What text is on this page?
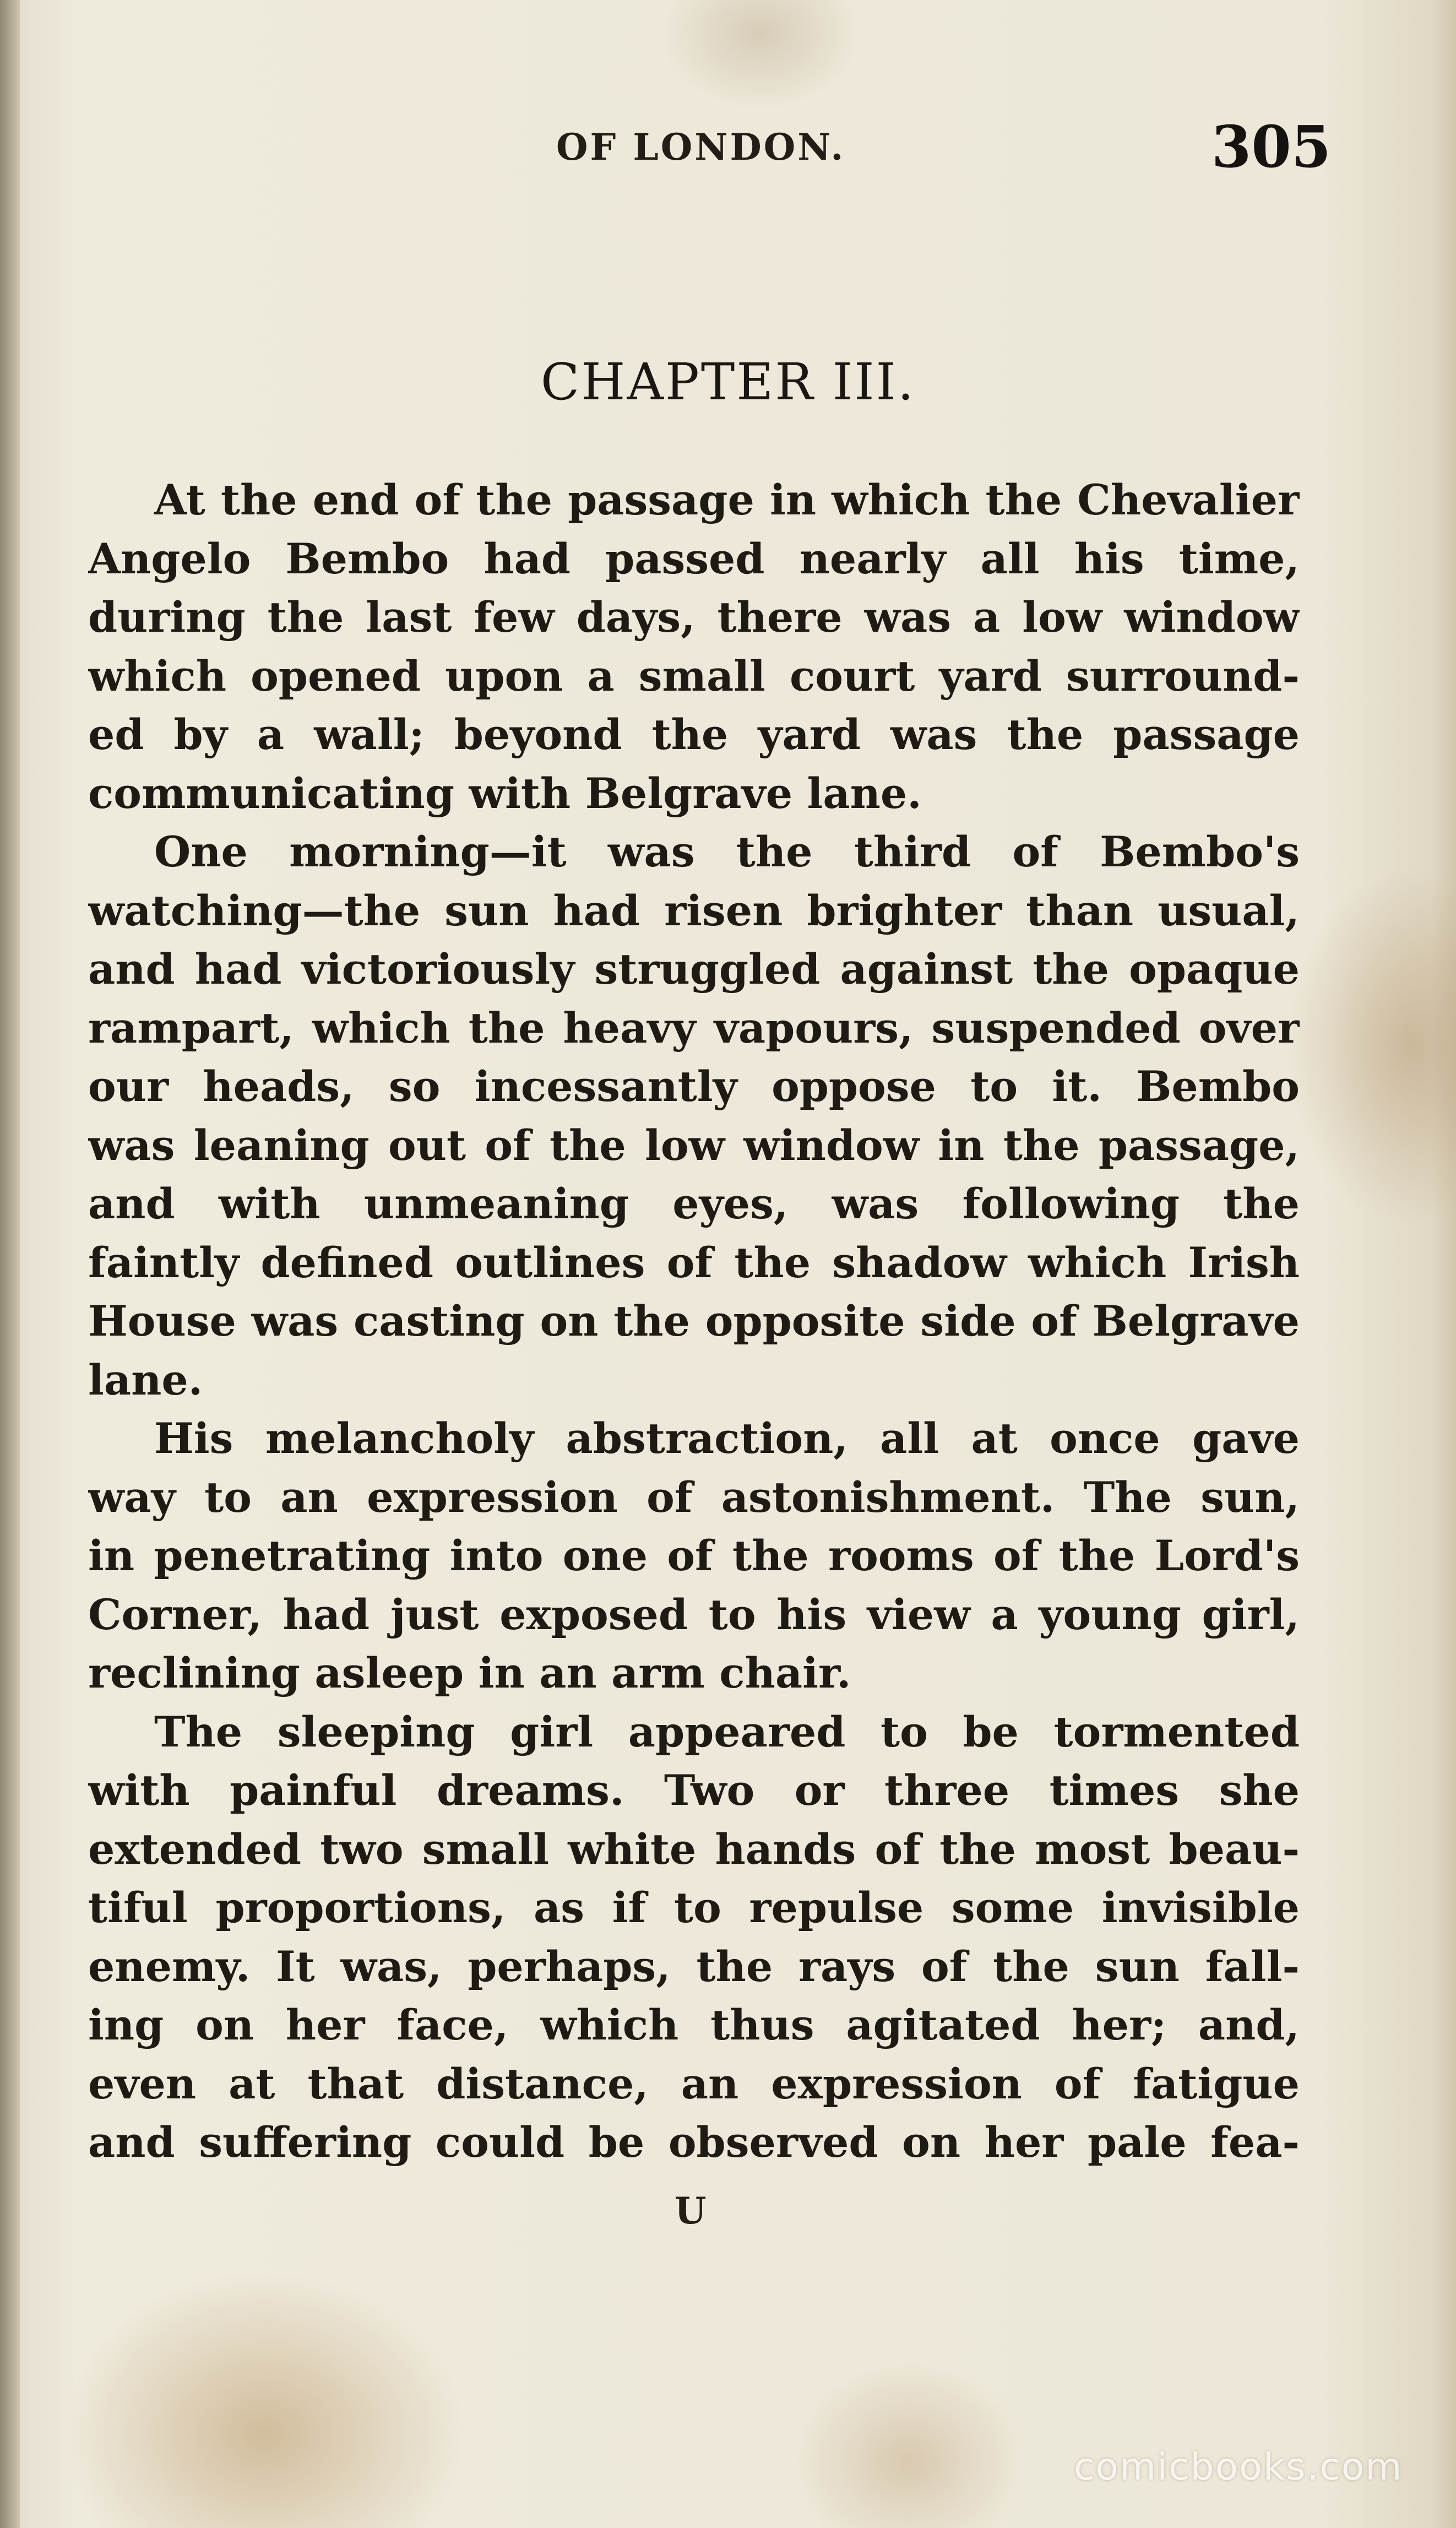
OF LONDON.	305
CHAPTER III.
At the end of the passage in which the Chevalier
Angelo Bembo had passed nearly all his time,
during the last few days, there was a low window
which opened upon a small court yard surround-
ed by a wall; beyond the yard was the passage
communicating with Belgrave lane.
One morning—it was the third of Bembo's
watching—the sun had risen brighter than usual,
and had victoriously struggled against the opaque
rampart, which the heavy vapours, suspended over
our heads, so incessantly oppose to it. Bembo
was leaning out of the low window in the passage,
and with unmeaning eyes, was following the
faintly defined outlines of the shadow which Irish
House was casting on the opposite side of Belgrave
lane.
His melancholy abstraction, all at once gave
way to an expression of astonishment. The sun,
in penetrating into one of the rooms of the Lord's
Corner, had just exposed to his view a young girl,
reclining asleep in an arm chair.
The sleeping girl appeared to be tormented
with painful dreams. Two or three times she
extended two small white hands of the most beau-
tiful proportions, as if to repulse some invisible
enemy. It was, perhaps, the rays of the sun fall-
ing on her face, which thus agitated her; and,
even at that distance, an expression of fatigue
and suffering could be observed on her pale fea-
U
comicbooks.com
